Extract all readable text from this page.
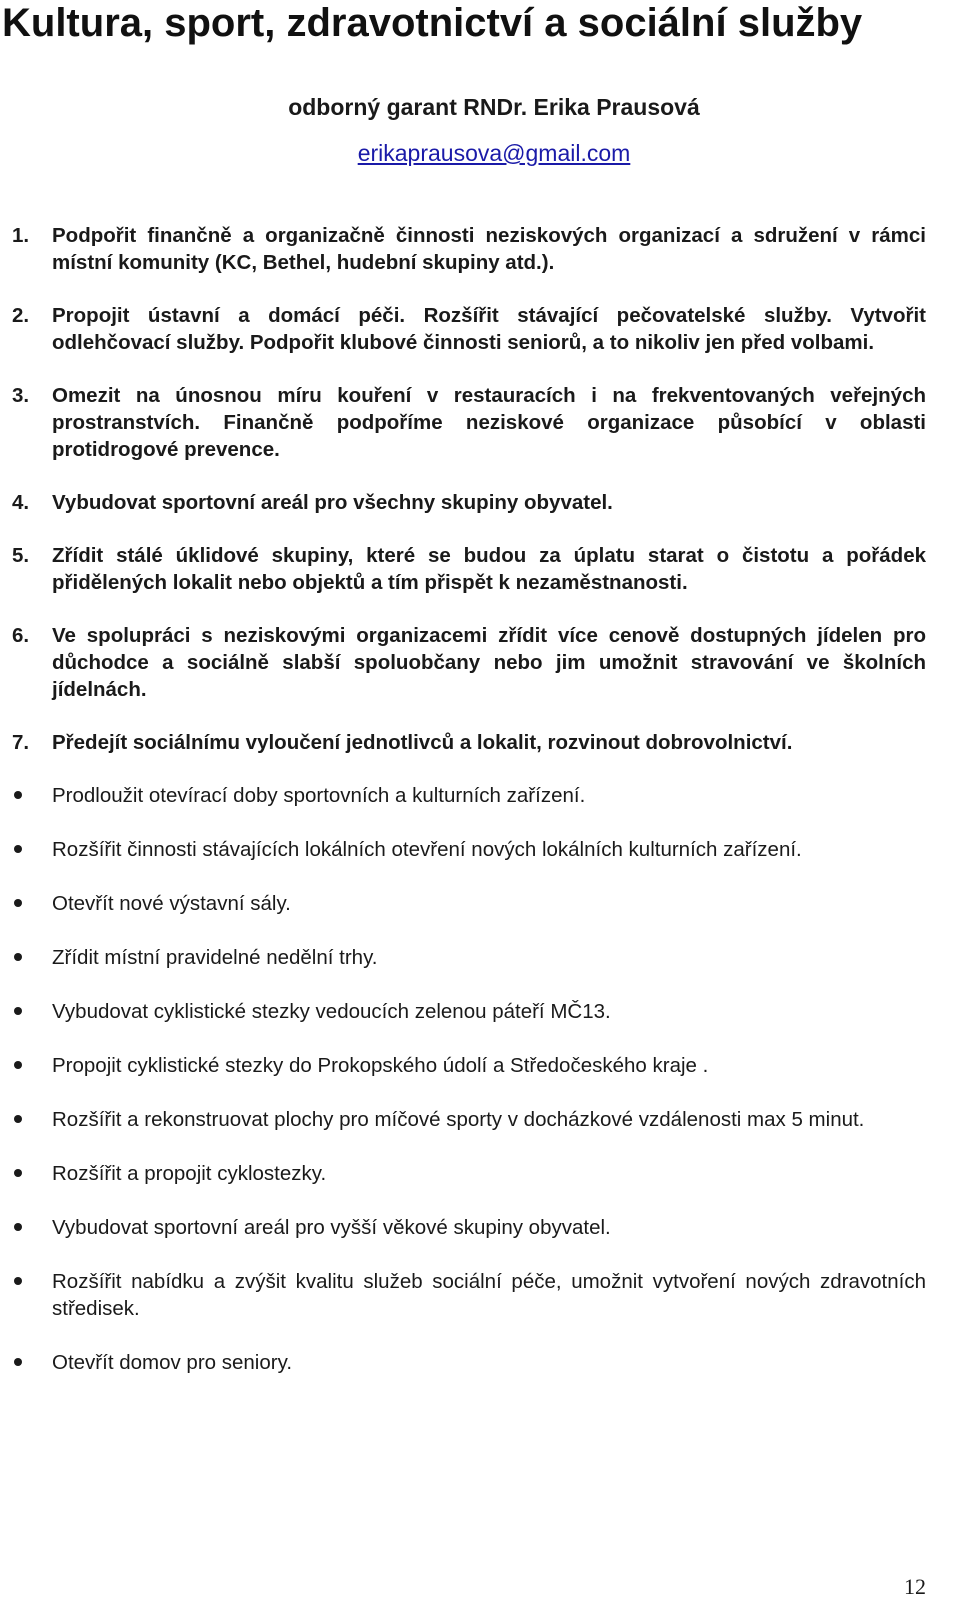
Kultura, sport, zdravotnictví a sociální služby
odborný garant RNDr. Erika Prausová
erikaprausova@gmail.com
1. Podpořit finančně a organizačně činnosti neziskových organizací a sdružení v rámci místní komunity (KC, Bethel, hudební skupiny atd.).
2. Propojit ústavní a domácí péči. Rozšířit stávající pečovatelské služby. Vytvořit odlehčovací služby. Podpořit klubové činnosti seniorů, a to nikoliv jen před volbami.
3. Omezit na únosnou míru kouření v restauracích i na frekventovaných veřejných prostranstvích. Finančně podpoříme neziskové organizace působící v oblasti protidrogové prevence.
4. Vybudovat sportovní areál pro všechny skupiny obyvatel.
5. Zřídit stálé úklidové skupiny, které se budou za úplatu starat o čistotu a pořádek přidělených lokalit nebo objektů a tím přispět k nezaměstnanosti.
6. Ve spolupráci s neziskovými organizacemi zřídit více cenově dostupných jídelen pro důchodce a sociálně slabší spoluobčany nebo jim umožnit stravování ve školních jídelnách.
7. Předejít sociálnímu vyloučení jednotlivců a lokalit, rozvinout dobrovolnictví.
Prodloužit otevírací doby sportovních a kulturních zařízení.
Rozšířit činnosti stávajících lokálních otevření nových lokálních kulturních zařízení.
Otevřít nové výstavní sály.
Zřídit místní pravidelné nedělní trhy.
Vybudovat cyklistické stezky vedoucích zelenou páteří MČ13.
Propojit cyklistické stezky do Prokopského údolí a Středočeského kraje .
Rozšířit a rekonstruovat plochy pro míčové sporty v docházkové vzdálenosti max 5 minut.
Rozšířit a propojit cyklostezky.
Vybudovat sportovní areál pro vyšší věkové skupiny obyvatel.
Rozšířit nabídku a zvýšit kvalitu služeb sociální péče, umožnit vytvoření nových zdravotních středisek.
Otevřít domov pro seniory.
12
